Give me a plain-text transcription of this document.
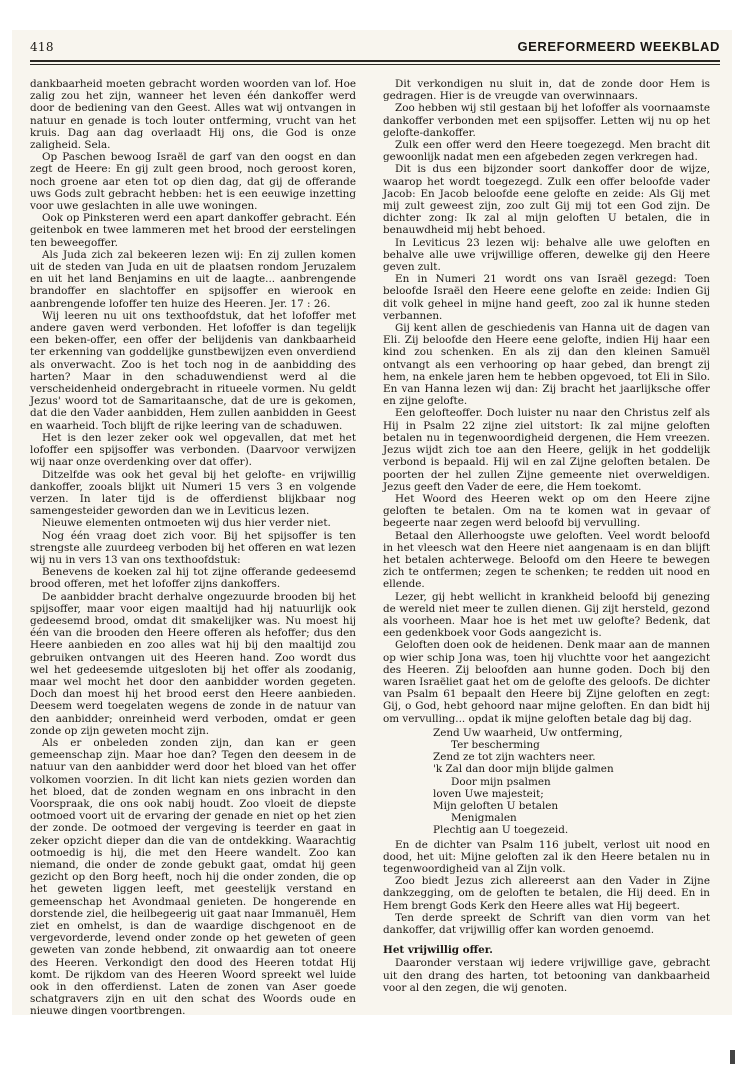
418	GEREFORMEERD WEEKBLAD

dankbaarheid moeten gebracht worden woorden van lof. Hoe zalig zou het zijn, wanneer het leven één dankoffer werd door de bediening van den Geest. Alles wat wij ontvangen in natuur en genade is toch louter ontferming, vrucht van het kruis. Dag aan dag overlaadt Hij ons, die God is onze zaligheid. Sela.

Op Paschen bewoog Israël de garf van den oogst en dan zegt de Heere: En gij zult geen brood, noch geroost koren, noch groene aar eten tot op dien dag, dat gij de offerande uws Gods zult gebracht hebben: het is een eeuwige inzetting voor uwe geslachten in alle uwe woningen.

Ook op Pinksteren werd een apart dankoffer gebracht. Eén geitenbok en twee lammeren met het brood der eerstelingen ten beweegoffer.

Als Juda zich zal bekeeren lezen wij: En zij zullen komen uit de steden van Juda en uit de plaatsen rondom Jeruzalem en uit het land Benjamins en uit de laagte... aanbrengende brandoffer en slachtoffer en spijsoffer en wierook en aanbrengende lofoffer ten huize des Heeren. Jer. 17 : 26.

Wij leeren nu uit ons texthoofdstuk, dat het lofoffer met andere gaven werd verbonden. Het lofoffer is dan tegelijk een beken-offer, een offer der belijdenis van dankbaarheid ter erkenning van goddelijke gunstbewijzen even onverdiend als onverwacht. Zoo is het toch nog in de aanbidding des harten? Maar in den schaduwendienst werd al die verscheidenheid ondergebracht in ritueele vormen. Nu geldt Jezus' woord tot de Samaritaansche, dat de ure is gekomen, dat die den Vader aanbidden, Hem zullen aanbidden in Geest en waarheid. Toch blijft de rijke leering van de schaduwen.

Het is den lezer zeker ook wel opgevallen, dat met het lofoffer een spijsoffer was verbonden. (Daarvoor verwijzen wij naar onze overdenking over dat offer).

Ditzelfde was ook het geval bij het gelofte- en vrijwillig dankoffer, zooals blijkt uit Numeri 15 vers 3 en volgende verzen. In later tijd is de offerdienst blijkbaar nog samengesteider geworden dan we in Leviticus lezen.

Nieuwe elementen ontmoeten wij dus hier verder niet.

Nog één vraag doet zich voor. Bij het spijsoffer is ten strengste alle zuurdeeg verboden bij het offeren en wat lezen wij nu in vers 13 van ons texthoofdstuk:

Benevens de koeken zal hij tot zijne offerande gedeesemd brood offeren, met het lofoffer zijns dankoffers.

De aanbidder bracht derhalve ongezuurde brooden bij het spijsoffer, maar voor eigen maaltijd had hij natuurlijk ook gedeesemd brood, omdat dit smakelijker was. Nu moest hij één van die brooden den Heere offeren als hefoffer; dus den Heere aanbieden en zoo alles wat hij bij den maaltijd zou gebruiken ontvangen uit des Heeren hand. Zoo wordt dus wel het gedeesemde uitgesloten bij het offer als zoodanig, maar wel mocht het door den aanbidder worden gegeten. Doch dan moest hij het brood eerst den Heere aanbieden. Deesem werd toegelaten wegens de zonde in de natuur van den aanbidder; onreinheid werd verboden, omdat er geen zonde op zijn geweten mocht zijn.

Als er onbeleden zonden zijn, dan kan er geen gemeenschap zijn. Maar hoe dan? Tegen den deesem in de natuur van den aanbidder werd door het bloed van het offer volkomen voorzien. In dit licht kan niets gezien worden dan het bloed, dat de zonden wegnam en ons inbracht in den Voorspraak, die ons ook nabij houdt. Zoo vloeit de diepste ootmoed voort uit de ervaring der genade en niet op het zien der zonde. De ootmoed der vergeving is teerder en gaat in zeker opzicht dieper dan die van de ontdekking. Waarachtig ootmoedig is hij, die met den Heere wandelt. Zoo kan niemand, die onder de zonde gebukt gaat, omdat hij geen gezicht op den Borg heeft, noch hij die onder zonden, die op het geweten liggen leeft, met geestelijk verstand en gemeenschap het Avondmaal genieten. De hongerende en dorstende ziel, die heilbegeerig uit gaat naar Immanuël, Hem ziet en omhelst, is dan de waardige dischgenoot en de vergevorderde, levend onder zonde op het geweten of geen geweten van zonde hebbend, zit onwaardig aan tot oneere des Heeren. Verkondigt den dood des Heeren totdat Hij komt. De rijkdom van des Heeren Woord spreekt wel luide ook in den offerdienst. Laten de zonen van Aser goede schatgravers zijn en uit den schat des Woords oude en nieuwe dingen voortbrengen.

Dit verkondigen nu sluit in, dat de zonde door Hem is gedragen. Hier is de vreugde van overwinnaars.

Zoo hebben wij stil gestaan bij het lofoffer als voornaamste dankoffer verbonden met een spijsoffer. Letten wij nu op het gelofte-dankoffer.

Zulk een offer werd den Heere toegezegd. Men bracht dit gewoonlijk nadat men een afgebeden zegen verkregen had.

Dit is dus een bijzonder soort dankoffer door de wijze, waarop het wordt toegezegd. Zulk een offer beloofde vader Jacob: En Jacob beloofde eene gelofte en zeide: Als Gij met mij zult geweest zijn, zoo zult Gij mij tot een God zijn. De dichter zong: Ik zal al mijn geloften U betalen, die in benauwdheid mij hebt behoed.

In Leviticus 23 lezen wij: behalve alle uwe geloften en behalve alle uwe vrijwillige offeren, dewelke gij den Heere geven zult.

En in Numeri 21 wordt ons van Israël gezegd: Toen beloofde Israël den Heere eene gelofte en zeide: Indien Gij dit volk geheel in mijne hand geeft, zoo zal ik hunne steden verbannen.

Gij kent allen de geschiedenis van Hanna uit de dagen van Eli. Zij beloofde den Heere eene gelofte, indien Hij haar een kind zou schenken. En als zij dan den kleinen Samuël ontvangt als een verhooring op haar gebed, dan brengt zij hem, na enkele jaren hem te hebben opgevoed, tot Eli in Silo. En van Hanna lezen wij dan: Zij bracht het jaarlijksche offer en zijne gelofte.

Een gelofteoffer. Doch luister nu naar den Christus zelf als Hij in Psalm 22 zijne ziel uitstort: Ik zal mijne geloften betalen nu in tegenwoordigheid dergenen, die Hem vreezen. Jezus wijdt zich toe aan den Heere, gelijk in het goddelijk verbond is bepaald. Hij wil en zal Zijne geloften betalen. De poorten der hel zullen Zijne gemeente niet overweldigen. Jezus geeft den Vader de eere, die Hem toekomt.

Het Woord des Heeren wekt op om den Heere zijne geloften te betalen. Om na te komen wat in gevaar of begeerte naar zegen werd beloofd bij vervulling.

Betaal den Allerhoogste uwe geloften. Veel wordt beloofd in het vleesch wat den Heere niet aangenaam is en dan blijft het betalen achterwege. Beloofd om den Heere te bewegen zich te ontfermen; zegen te schenken; te redden uit nood en ellende.

Lezer, gij hebt wellicht in krankheid beloofd bij genezing de wereld niet meer te zullen dienen. Gij zijt hersteld, gezond als voorheen. Maar hoe is het met uw gelofte? Bedenk, dat een gedenkboek voor Gods aangezicht is.

Geloften doen ook de heidenen. Denk maar aan de mannen op wier schip Jona was, toen hij vluchtte voor het aangezicht des Heeren. Zij beloofden aan hunne goden. Doch bij den waren Israëliet gaat het om de gelofte des geloofs. De dichter van Psalm 61 bepaalt den Heere bij Zijne geloften en zegt: Gij, o God, hebt gehoord naar mijne geloften. En dan bidt hij om vervulling... opdat ik mijne geloften betale dag bij dag.

Zend Uw waarheid, Uw ontferming,
Ter bescherming
Zend ze tot zijn wachters neer.
'k Zal dan door mijn blijde galmen
Door mijn psalmen
loven Uwe majesteit;
Mijn geloften U betalen
Menigmalen
Plechtig aan U toegezeid.

En de dichter van Psalm 116 jubelt, verlost uit nood en dood, het uit: Mijne geloften zal ik den Heere betalen nu in tegenwoordigheid van al Zijn volk.

Zoo biedt Jezus zich allereerst aan den Vader in Zijne dankzegging, om de geloften te betalen, die Hij deed. En in Hem brengt Gods Kerk den Heere alles wat Hij begeert.

Ten derde spreekt de Schrift van dien vorm van het dankoffer, dat vrijwillig offer kan worden genoemd.

Het vrijwillig offer.

Daaronder verstaan wij iedere vrijwillige gave, gebracht uit den drang des harten, tot betooning van dankbaarheid voor al den zegen, die wij genoten.
